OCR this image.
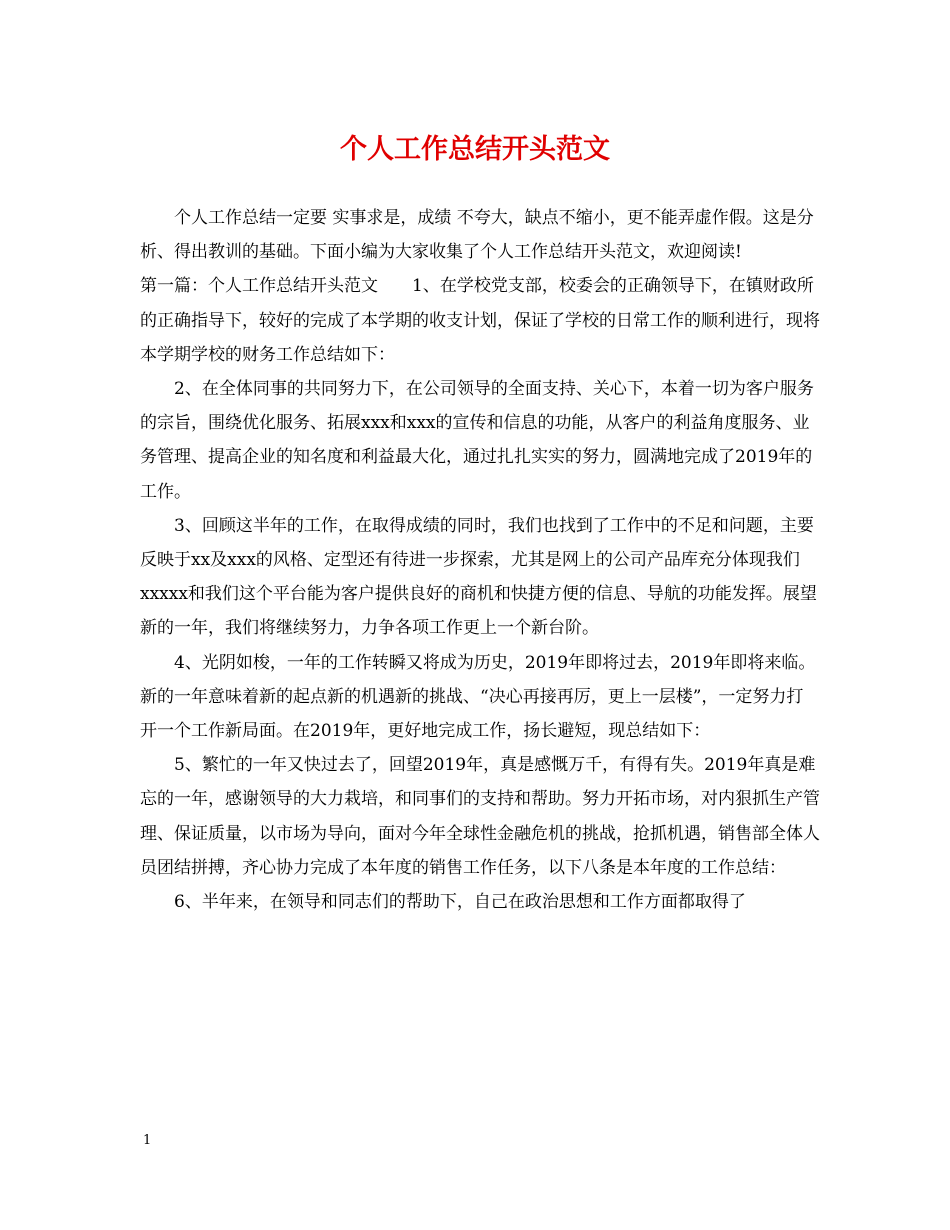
个人工作总结开头范文

个人工作总结一定要 实事求是，成绩 不夸大，缺点不缩小，更不能弄虚作假。这是分析、得出教训的基础。下面小编为大家收集了个人工作总结开头范文，欢迎阅读!

第一篇：个人工作总结开头范文　　1、在学校党支部，校委会的正确领导下，在镇财政所的正确指导下，较好的完成了本学期的收支计划，保证了学校的日常工作的顺利进行，现将本学期学校的财务工作总结如下：

2、在全体同事的共同努力下，在公司领导的全面支持、关心下，本着一切为客户服务的宗旨，围绕优化服务、拓展xxx和xxx的宣传和信息的功能，从客户的利益角度服务、业务管理、提高企业的知名度和利益最大化，通过扎扎实实的努力，圆满地完成了2019年的工作。

3、回顾这半年的工作，在取得成绩的同时，我们也找到了工作中的不足和问题，主要反映于xx及xxx的风格、定型还有待进一步探索，尤其是网上的公司产品库充分体现我们xxxxx和我们这个平台能为客户提供良好的商机和快捷方便的信息、导航的功能发挥。展望新的一年，我们将继续努力，力争各项工作更上一个新台阶。

4、光阴如梭，一年的工作转瞬又将成为历史，2019年即将过去，2019年即将来临。新的一年意味着新的起点新的机遇新的挑战、“决心再接再厉，更上一层楼”，一定努力打开一个工作新局面。在2019年，更好地完成工作，扬长避短，现总结如下：

5、繁忙的一年又快过去了，回望2019年，真是感慨万千，有得有失。2019年真是难忘的一年，感谢领导的大力栽培，和同事们的支持和帮助。努力开拓市场，对内狠抓生产管理、保证质量，以市场为导向，面对今年全球性金融危机的挑战，抢抓机遇，销售部全体人员团结拼搏，齐心协力完成了本年度的销售工作任务，以下八条是本年度的工作总结：

6、半年来，在领导和同志们的帮助下，自己在政治思想和工作方面都取得了

1
